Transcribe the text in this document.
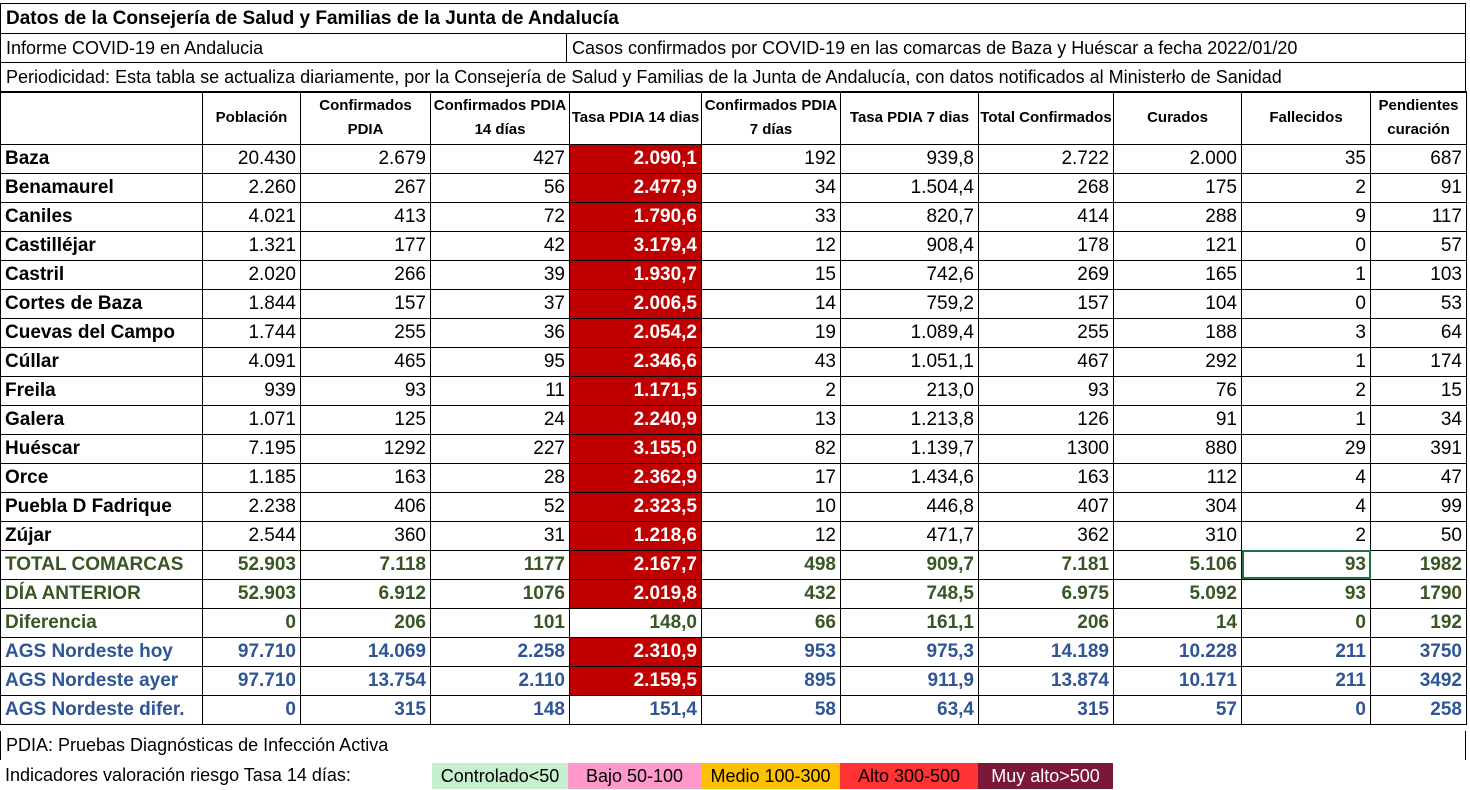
Datos de la Consejería de Salud y Familias de la Junta de Andalucía
Informe COVID-19 en Andalucia	Casos confirmados por COVID-19 en las comarcas de Baza y Huéscar a fecha 2022/01/20
Periodicidad: Esta tabla se actualiza diariamente, por la Consejería de Salud y Familias de la Junta de Andalucía, con datos notificados al Ministerło de Sanidad
	Población	Confirmados PDIA	Confirmados PDIA 14 días	Tasa PDIA 14 dias	Confirmados PDIA 7 días	Tasa PDIA 7 dias	Total Confirmados	Curados	Fallecidos	Pendientes curación
Baza	20.430	2.679	427	2.090,1	192	939,8	2.722	2.000	35	687
Benamaurel	2.260	267	56	2.477,9	34	1.504,4	268	175	2	91
Caniles	4.021	413	72	1.790,6	33	820,7	414	288	9	117
Castilléjar	1.321	177	42	3.179,4	12	908,4	178	121	0	57
Castril	2.020	266	39	1.930,7	15	742,6	269	165	1	103
Cortes de Baza	1.844	157	37	2.006,5	14	759,2	157	104	0	53
Cuevas del Campo	1.744	255	36	2.054,2	19	1.089,4	255	188	3	64
Cúllar	4.091	465	95	2.346,6	43	1.051,1	467	292	1	174
Freila	939	93	11	1.171,5	2	213,0	93	76	2	15
Galera	1.071	125	24	2.240,9	13	1.213,8	126	91	1	34
Huéscar	7.195	1292	227	3.155,0	82	1.139,7	1300	880	29	391
Orce	1.185	163	28	2.362,9	17	1.434,6	163	112	4	47
Puebla D Fadrique	2.238	406	52	2.323,5	10	446,8	407	304	4	99
Zújar	2.544	360	31	1.218,6	12	471,7	362	310	2	50
TOTAL COMARCAS	52.903	7.118	1177	2.167,7	498	909,7	7.181	5.106	93	1982
DÍA ANTERIOR	52.903	6.912	1076	2.019,8	432	748,5	6.975	5.092	93	1790
Diferencia	0	206	101	148,0	66	161,1	206	14	0	192
AGS Nordeste hoy	97.710	14.069	2.258	2.310,9	953	975,3	14.189	10.228	211	3750
AGS Nordeste ayer	97.710	13.754	2.110	2.159,5	895	911,9	13.874	10.171	211	3492
AGS Nordeste difer.	0	315	148	151,4	58	63,4	315	57	0	258
PDIA: Pruebas Diagnósticas de Infección Activa
Indicadores valoración riesgo Tasa 14 días:	Controlado<50	Bajo 50-100	Medio 100-300	Alto 300-500	Muy alto>500
